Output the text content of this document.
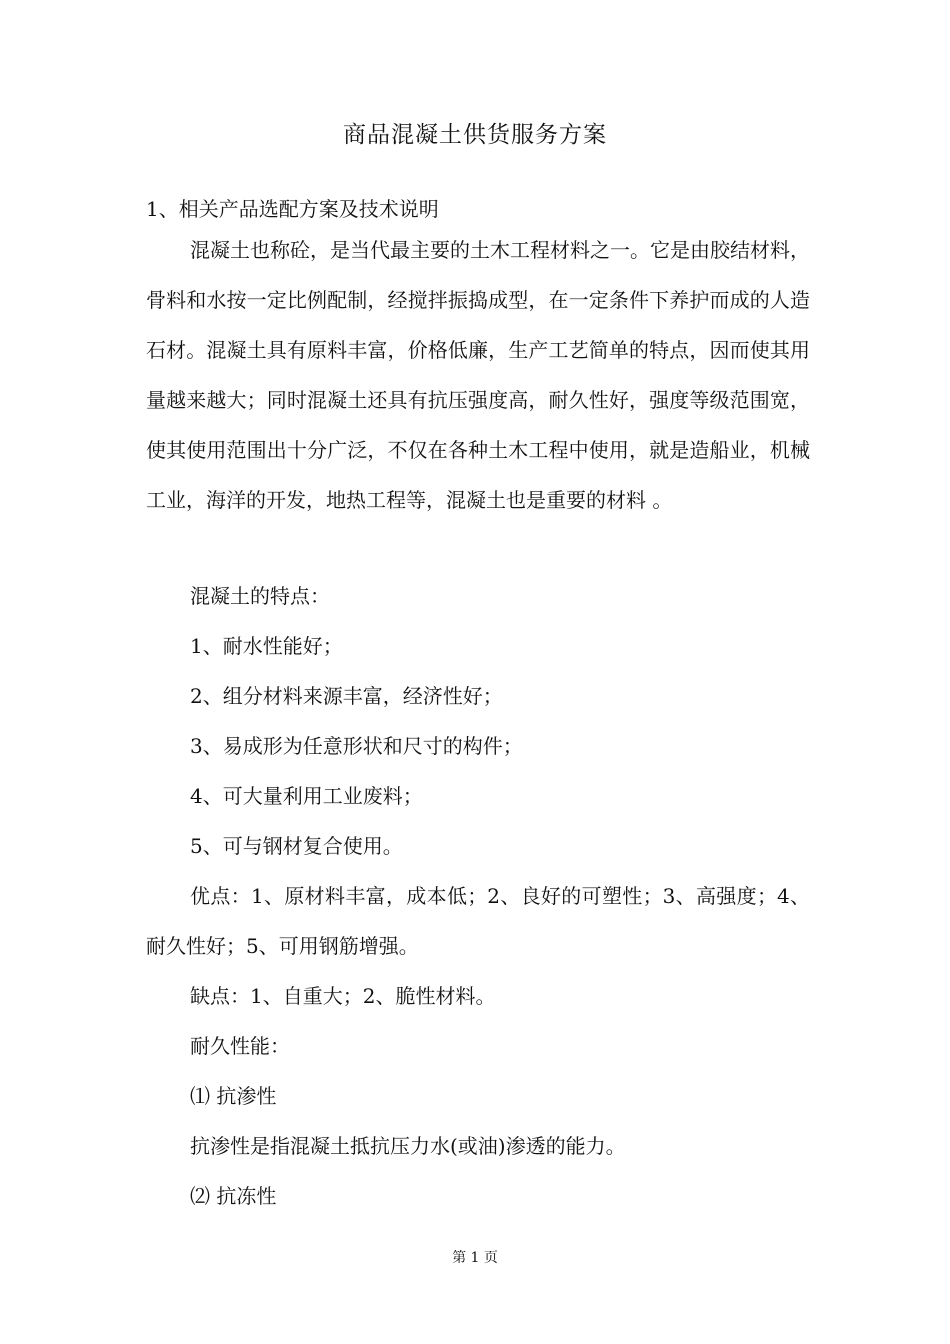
商品混凝土供货服务方案
1、相关产品选配方案及技术说明

混凝土也称砼，是当代最主要的土木工程材料之一。它是由胶结材料，骨料和水按一定比例配制，经搅拌振捣成型，在一定条件下养护而成的人造石材。混凝土具有原料丰富，价格低廉，生产工艺简单的特点，因而使其用量越来越大；同时混凝土还具有抗压强度高，耐久性好，强度等级范围宽，使其使用范围出十分广泛，不仅在各种土木工程中使用，就是造船业，机械工业，海洋的开发，地热工程等，混凝土也是重要的材料 。

混凝土的特点：
1、耐水性能好；
2、组分材料来源丰富，经济性好；
3、易成形为任意形状和尺寸的构件；
4、可大量利用工业废料；
5、可与钢材复合使用。

优点：1、原材料丰富，成本低；2、良好的可塑性；3、高强度；4、耐久性好；5、可用钢筋增强。

缺点：1、自重大；2、脆性材料。
耐久性能：
⑴ 抗渗性
抗渗性是指混凝土抵抗压力水(或油)渗透的能力。
⑵ 抗冻性
第 1 页
